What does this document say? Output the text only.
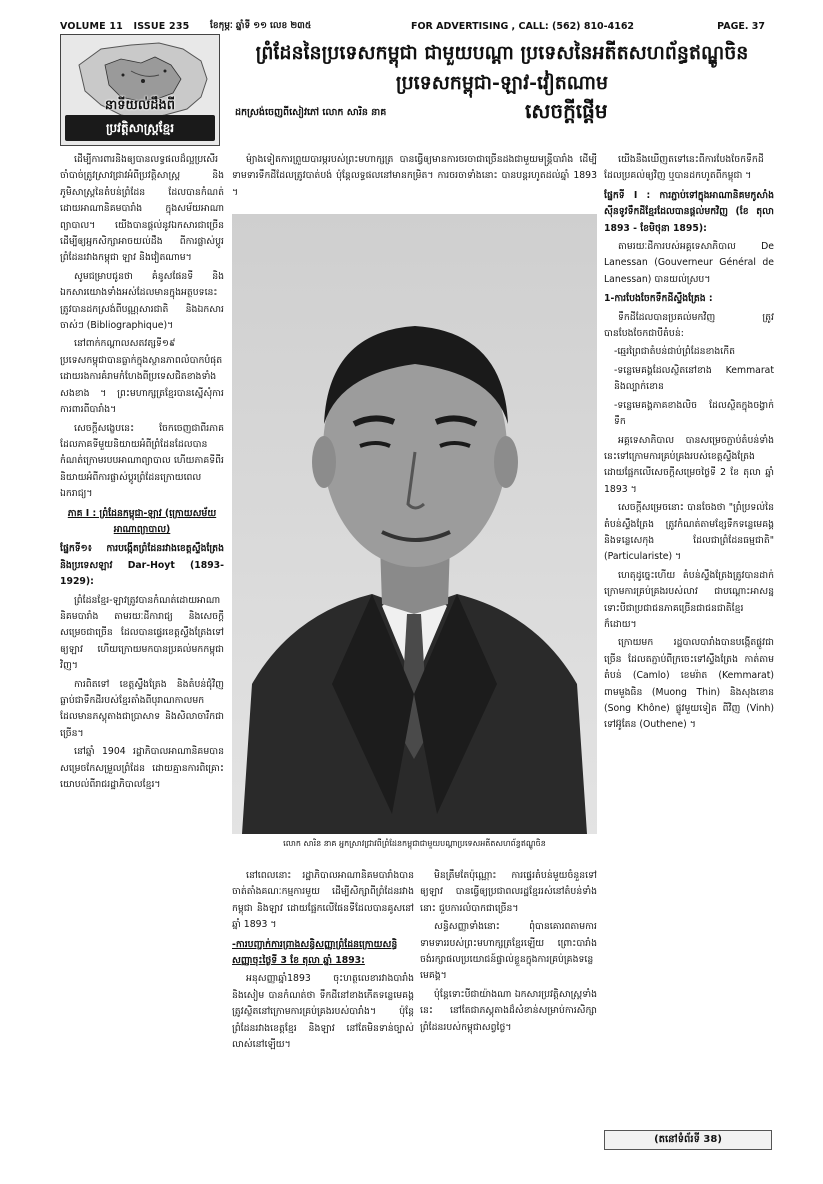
VOLUME 11 ISSUE 235	ខែកុម្ភៈ ឆ្នាំទី ១១ លេខ ២៣៥	FOR ADVERTISING , CALL: (562) 810-4162	PAGE. 37
នាទីយល់ដឹងពី
ប្រវត្តិសាស្ត្រខ្មែរ
ព្រំដែននៃប្រទេសកម្ពុជា ជាមួយបណ្តា ប្រទេសនៃអតីតសហព័ន្ធឥណ្ឌូចិន
ប្រទេសកម្ពុជា-ឡាវ-វៀតណាម
ដកស្រង់ចេញពីសៀវភៅ លោក សារិន នាគ	សេចក្តីផ្តើម

ដើម្បីការពារនិងឲ្យបានលទ្ធផលដ៏ល្អប្រសើរ ចាំបាច់ត្រូវស្រាវជ្រាវអំពីប្រវត្តិសាស្ត្រ និងភូមិសាស្ត្រនៃតំបន់ព្រំដែន ដែលបានកំណត់ដោយអាណានិគមបារាំង ក្នុងសម័យអាណាព្យាបាល។ យើងបានផ្តល់នូវឯកសារជាច្រើនដើម្បីឲ្យអ្នកសិក្សាអាចយល់ដឹង ពីការផ្លាស់ប្តូរព្រំដែនរវាងកម្ពុជា ឡាវ និងវៀតណាម។

សូមជម្រាបជូនថា គំនូសផែនទី និងឯកសារយោងទាំងអស់ដែលមានក្នុងអត្ថបទនេះ ត្រូវបានដកស្រង់ពីបណ្ណសារជាតិ និងឯកសារចាស់ៗ (Bibliographique)។

នៅពាក់កណ្តាលសតវត្សទី១៩ ប្រទេសកម្ពុជាបានធ្លាក់ក្នុងស្ថានភាពលំបាកបំផុត ដោយរងការគំរាមកំហែងពីប្រទេសជិតខាងទាំងសងខាង ។ ព្រះមហាក្សត្រខ្មែរបានស្នើសុំការការពារពីបារាំង។

សេចក្តីសង្ខេបនេះ ចែកចេញជាពីរភាគ ដែលភាគទីមួយនិយាយអំពីព្រំដែនដែលបានកំណត់ក្រោមរបបអាណាព្យាបាល ហើយភាគទីពីរនិយាយអំពីការផ្លាស់ប្តូរព្រំដែនក្រោយពេលឯករាជ្យ។

ភាគ I : ព្រំដែនកម្ពុជា-ឡាវ (ក្រោយសម័យអាណាព្យាបាល)

ផ្នែកទី១៖ ការបង្កើតព្រំដែនរវាងខេត្តស្ទឹងត្រែង និងប្រទេសឡាវ Dar-Hoyt (1893-1929):

ព្រំដែនខ្មែរ-ឡាវត្រូវបានកំណត់ដោយអាណានិគមបារាំង តាមរយៈដីការាជ្យ និងសេចក្តីសម្រេចជាច្រើន ដែលបានផ្ទេរខេត្តស្ទឹងត្រែងទៅឲ្យឡាវ ហើយក្រោយមកបានប្រគល់មកកម្ពុជាវិញ។

ការពិតទៅ ខេត្តស្ទឹងត្រែង និងតំបន់ជុំវិញ ធ្លាប់ជាទឹកដីរបស់ខ្មែរតាំងពីបុរាណកាលមក ដែលមានភស្តុតាងជាប្រាសាទ និងសិលាចារឹកជាច្រើន។

នៅឆ្នាំ 1904 រដ្ឋាភិបាលអាណានិគមបានសម្រេចកែសម្រួលព្រំដែន ដោយគ្មានការពិគ្រោះយោបល់ពីរាជរដ្ឋាភិបាលខ្មែរ។

ម៉្យាងទៀតការព្រួយបារម្ភរបស់ព្រះមហាក្សត្រ បានធ្វើឲ្យមានការចរចាជាច្រើនដងជាមួយមន្ត្រីបារាំង ដើម្បីទាមទារទឹកដីដែលត្រូវបាត់បង់ ប៉ុន្តែលទ្ធផលនៅមានកម្រិត។ ការចរចាទាំងនោះ បានបន្តរហូតដល់ឆ្នាំ 1893 ។

លោក សារិន នាគ អ្នកស្រាវជ្រាវពីព្រំដែនកម្ពុជាជាមួយបណ្តាប្រទេសអតីតសហព័ន្ធឥណ្ឌូចិន

នៅពេលនោះ រដ្ឋាភិបាលអាណានិគមបារាំងបានចាត់តាំងគណៈកម្មការមួយ ដើម្បីសិក្សាពីព្រំដែនរវាងកម្ពុជា និងឡាវ ដោយផ្អែកលើផែនទីដែលបានគូសនៅឆ្នាំ 1893 ។

-ការបញ្ជាក់ការព្រាងសន្ធិសញ្ញាព្រំដែនក្រោយសន្ធិសញ្ញាចុះថ្ងៃទី 3 ខែ តុលា ឆ្នាំ 1893:

អនុសញ្ញាឆ្នាំ1893 ចុះហត្ថលេខារវាងបារាំង និងសៀម បានកំណត់ថា ទឹកដីនៅខាងកើតទន្លេមេគង្គ ត្រូវស្ថិតនៅក្រោមការគ្រប់គ្រងរបស់បារាំង។ ប៉ុន្តែព្រំដែនរវាងខេត្តខ្មែរ និងឡាវ នៅតែមិនទាន់ច្បាស់លាស់នៅឡើយ។

មិនត្រឹមតែប៉ុណ្ណោះ ការផ្ទេរតំបន់មួយចំនួនទៅឲ្យឡាវ បានធ្វើឲ្យប្រជាពលរដ្ឋខ្មែររស់នៅតំបន់ទាំងនោះ ជួបការលំបាកជាច្រើន។

សន្ធិសញ្ញាទាំងនោះ ពុំបានគោរពតាមការទាមទាររបស់ព្រះមហាក្សត្រខ្មែរឡើយ ព្រោះបារាំងចង់រក្សាផលប្រយោជន៍ផ្ទាល់ខ្លួនក្នុងការគ្រប់គ្រងទន្លេមេគង្គ។

ប៉ុន្តែទោះបីជាយ៉ាងណា ឯកសារប្រវត្តិសាស្ត្រទាំងនេះ នៅតែជាភស្តុតាងដ៏សំខាន់សម្រាប់ការសិក្សាព្រំដែនរបស់កម្ពុជាសព្វថ្ងៃ។

យើងនឹងឃើញតទៅនេះពីការបែងចែកទឹកដីដែលប្រគល់ឲ្យវិញ ឬបានដកហូតពីកម្ពុជា ។

ផ្នែកទី I : ការភ្ជាប់ទៅក្នុងអាណានិគមកូសាំងស៊ីនទូវទឹកដីខ្មែរដែលបានផ្តល់មកវិញ (ខែ តុលា 1893 - ខែមិថុនា 1895):

តាមរយៈដីការបស់អគ្គទេសាភិបាល De Lanessan (Gouverneur Général de Lanessan) បានយល់ស្រប។

1-ការបែងចែកទឹកដីស្ទឹងត្រែង :

ទឹកដីដែលបានប្រគល់មកវិញ ត្រូវបានបែងចែកជាបីតំបន់:

-ឆ្មេរព្រៃជាតំបន់ជាប់ព្រំដែនខាងកើត

-ទន្លេមេគង្គដែលស្ថិតនៅខាង Kemmarat និងល្បាក់ខោន

-ទន្លេមេគង្គភាគខាងលិច ដែលស្ថិតក្នុងចង្វាក់ទឹក

អគ្គទេសាភិបាល បានសម្រេចភ្ជាប់តំបន់ទាំងនេះទៅក្រោមការគ្រប់គ្រងរបស់ខេត្តស្ទឹងត្រែង ដោយផ្អែកលើសេចក្តីសម្រេចថ្ងៃទី 2 ខែ តុលា ឆ្នាំ 1893 ។

សេចក្តីសម្រេចនោះ បានចែងថា "ព្រំប្រទល់នៃតំបន់ស្ទឹងត្រែង ត្រូវកំណត់តាមខ្សែទឹកទន្លេមេគង្គ និងទន្លេសេកុង ដែលជាព្រំដែនធម្មជាតិ" (Particulariste) ។

ហេតុដូច្នេះហើយ តំបន់ស្ទឹងត្រែងត្រូវបានដាក់ក្រោមការគ្រប់គ្រងរបស់លាវ ជាបណ្តោះអាសន្ន ទោះបីជាប្រជាជនភាគច្រើនជាជនជាតិខ្មែរក៏ដោយ។

ក្រោយមក រដ្ឋបាលបារាំងបានបង្កើតផ្លូវជាច្រើន ដែលតភ្ជាប់ពីក្រចេះទៅស្ទឹងត្រែង កាត់តាមតំបន់ (Camlo) ខេមរ៉ាត (Kemmarat) ពាមមួងធិន (Muong Thin) និងសុងខោន (Song Khône) ផ្លូវមួយទៀត ពីវិញ (Vinh) ទៅអ៊ូតែន (Outhene) ។

(តនៅទំព័រទី 38)
